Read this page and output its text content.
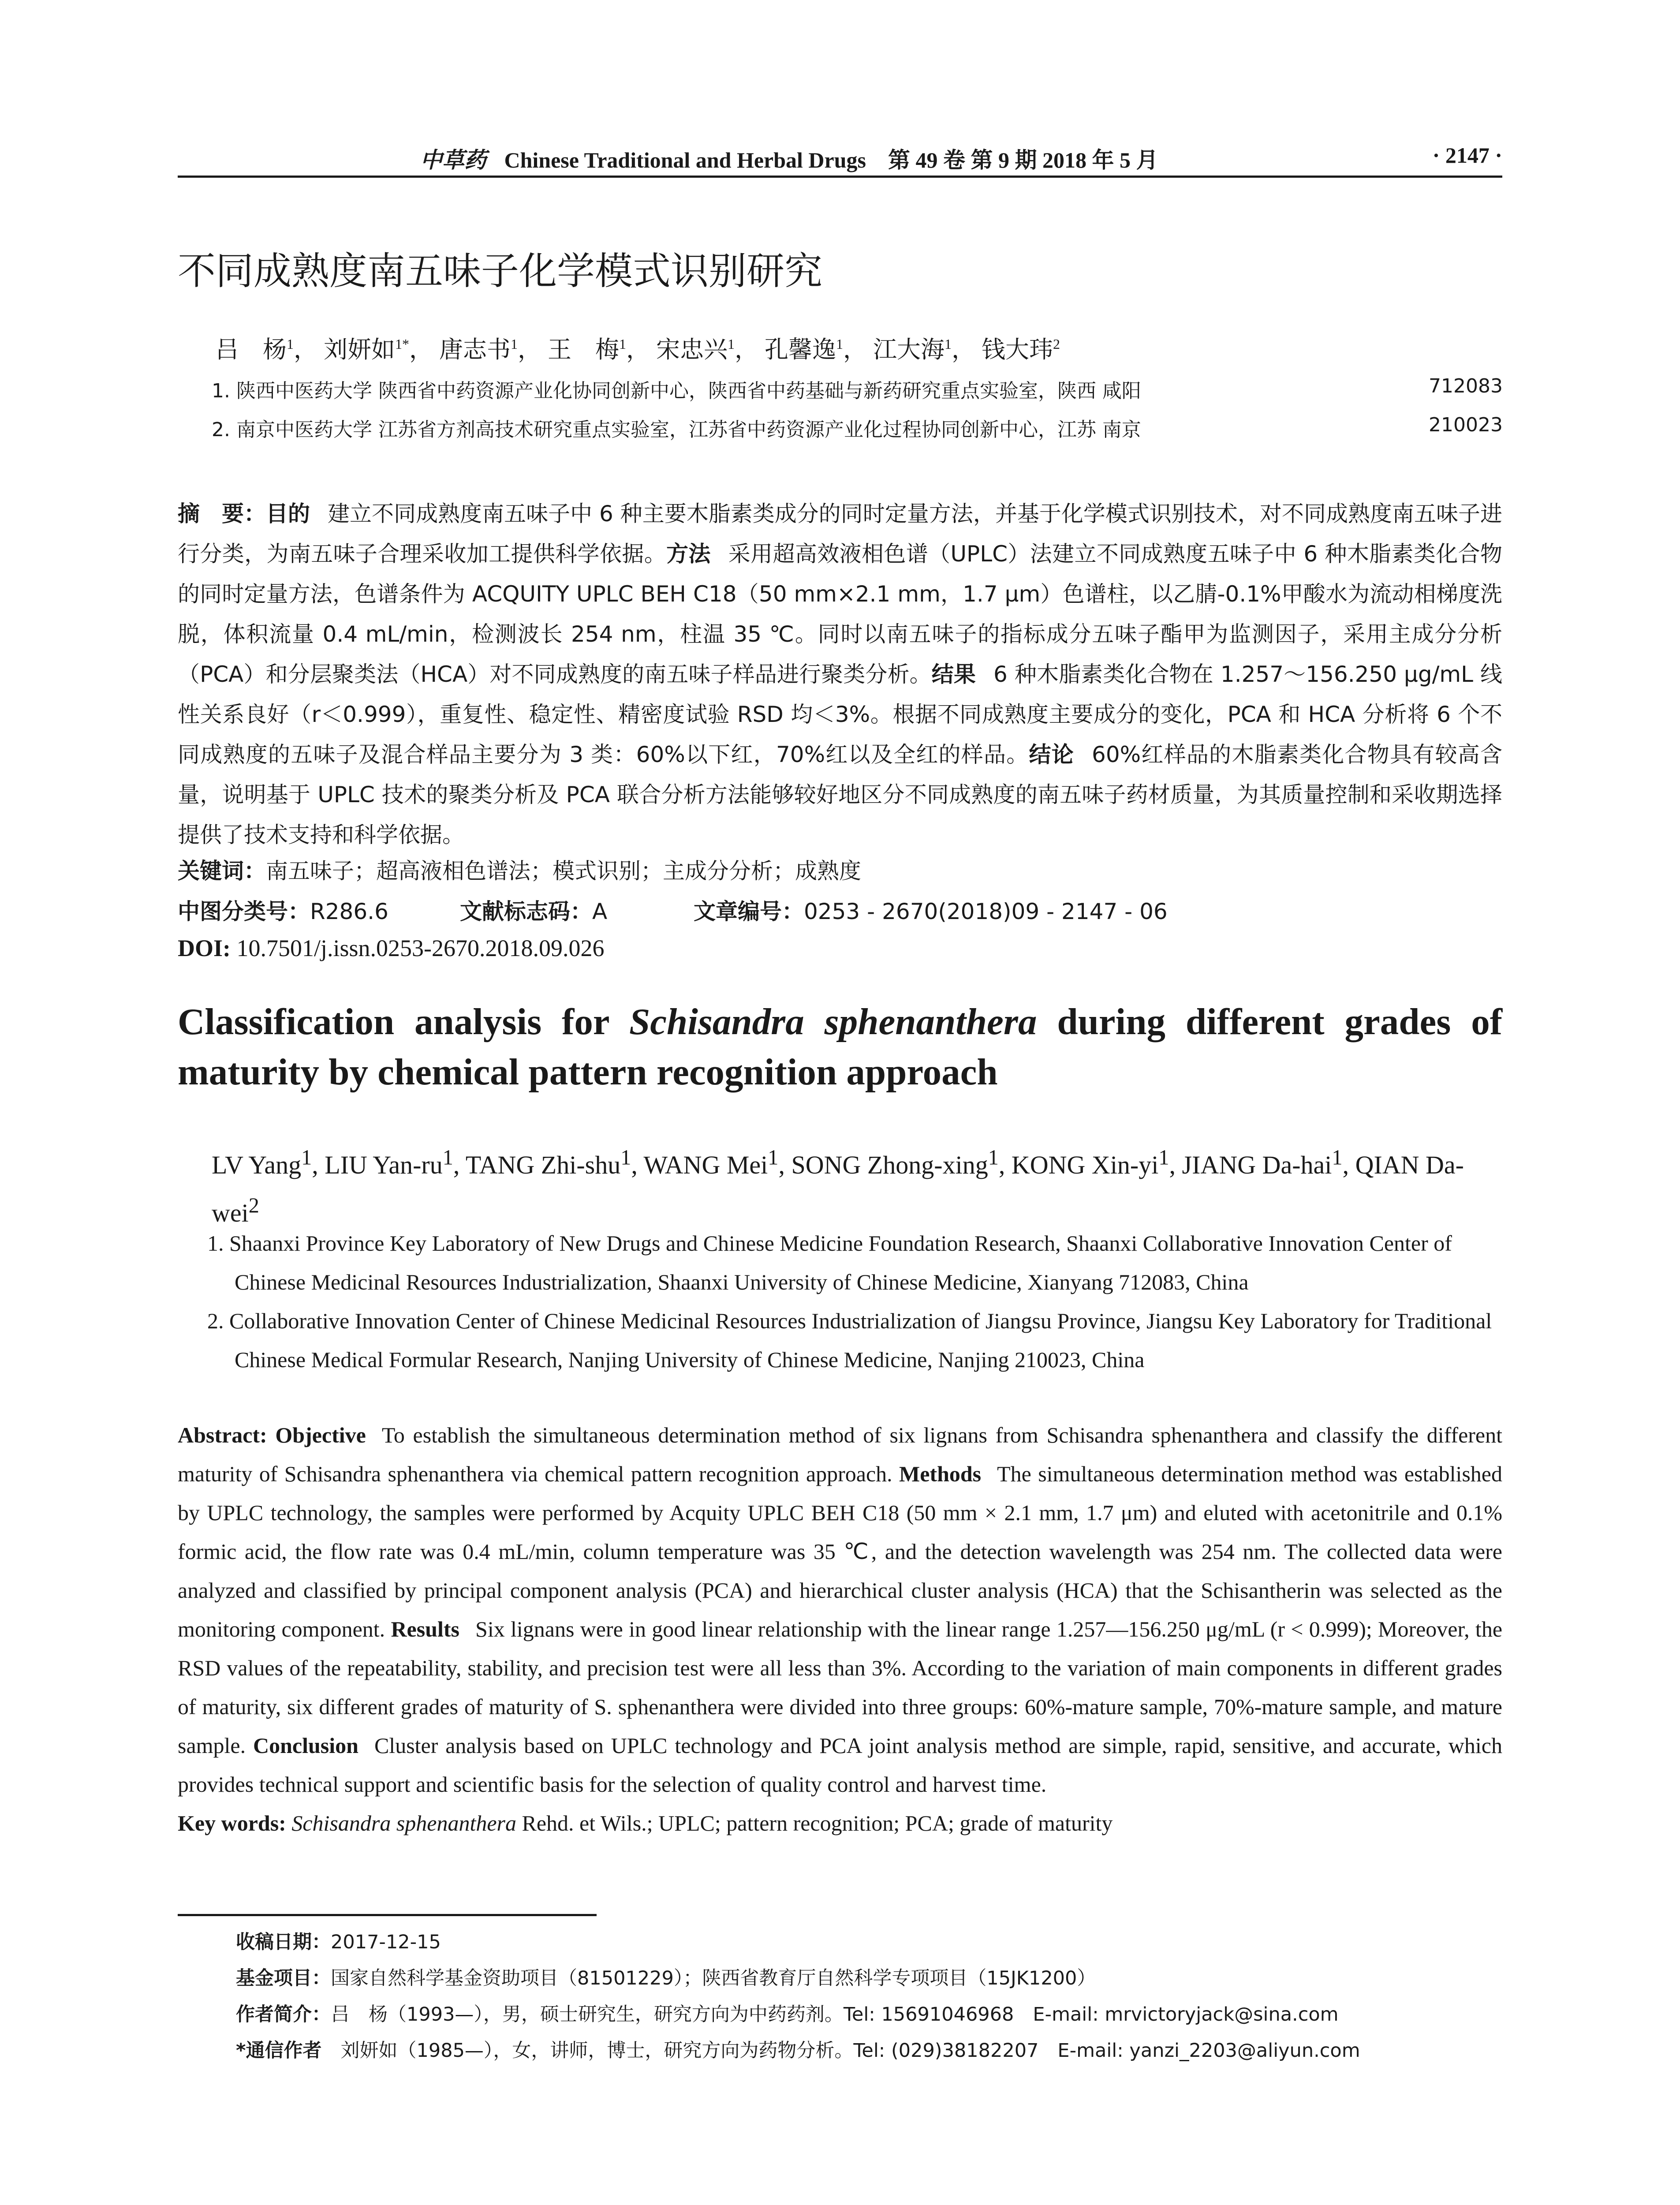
中草药 Chinese Traditional and Herbal Drugs　第 49 卷 第 9 期 2018 年 5 月	· 2147 ·
不同成熟度南五味子化学模式识别研究
吕　杨$^1$， 刘妍如$^{1*}$， 唐志书$^1$， 王　梅$^1$， 宋忠兴$^1$， 孔馨逸$^1$， 江大海$^1$， 钱大玮$^2$
1. 陕西中医药大学 陕西省中药资源产业化协同创新中心，陕西省中药基础与新药研究重点实验室，陕西 咸阳	712083
2. 南京中医药大学 江苏省方剂高技术研究重点实验室，江苏省中药资源产业化过程协同创新中心，江苏 南京	210023

摘　要：目的 建立不同成熟度南五味子中 6 种主要木脂素类成分的同时定量方法，并基于化学模式识别技术，对不同成熟度南五味子进行分类，为南五味子合理采收加工提供科学依据。方法 采用超高效液相色谱（UPLC）法建立不同成熟度五味子中 6 种木脂素类化合物的同时定量方法，色谱条件为 ACQUITY UPLC BEH C18（50 mm×2.1 mm，1.7 μm）色谱柱，以乙腈-0.1%甲酸水为流动相梯度洗脱，体积流量 0.4 mL/min，检测波长 254 nm，柱温 35 ℃。同时以南五味子的指标成分五味子酯甲为监测因子，采用主成分分析（PCA）和分层聚类法（HCA）对不同成熟度的南五味子样品进行聚类分析。结果 6 种木脂素类化合物在 1.257～156.250 μg/mL 线性关系良好（r＜0.999），重复性、稳定性、精密度试验 RSD 均＜3%。根据不同成熟度主要成分的变化，PCA 和 HCA 分析将 6 个不同成熟度的五味子及混合样品主要分为 3 类：60%以下红，70%红以及全红的样品。结论 60%红样品的木脂素类化合物具有较高含量，说明基于 UPLC 技术的聚类分析及 PCA 联合分析方法能够较好地区分不同成熟度的南五味子药材质量，为其质量控制和采收期选择提供了技术支持和科学依据。

关键词：南五味子；超高液相色谱法；模式识别；主成分分析；成熟度
中图分类号：R286.6	文献标志码：A	文章编号：0253 - 2670(2018)09 - 2147 - 06
DOI: 10.7501/j.issn.0253-2670.2018.09.026
Classification analysis for Schisandra sphenanthera during different grades of maturity by chemical pattern recognition approach
LV Yang$^1$, LIU Yan-$ru^1$, TANG Zhi-shu$^1$, WANG Mei$^1$, SONG Zhong-xing$^1$, KONG Xin-$yi^1$, JIANG Da-hai$^1$, QIAN Da-wei$^2$
1. Shaanxi Province Key Laboratory of New Drugs and Chinese Medicine Foundation Research, Shaanxi Collaborative Innovation Center of Chinese Medicinal Resources Industrialization, Shaanxi University of Chinese Medicine, Xianyang 712083, China
2. Collaborative Innovation Center of Chinese Medicinal Resources Industrialization of Jiangsu Province, Jiangsu Key Laboratory for Traditional Chinese Medical Formular Research, Nanjing University of Chinese Medicine, Nanjing 210023, China

Abstract: Objective To establish the simultaneous determination method of six lignans from Schisandra sphenanthera and classify the different maturity of Schisandra sphenanthera via chemical pattern recognition approach. Methods The simultaneous determination method was established by UPLC technology, the samples were performed by Acquity UPLC BEH C18 (50 mm × 2.1 mm, 1.7 μm) and eluted with acetonitrile and 0.1% formic acid, the flow rate was 0.4 mL/min, column temperature was 35 ℃, and the detection wavelength was 254 nm. The collected data were analyzed and classified by principal component analysis (PCA) and hierarchical cluster analysis (HCA) that the Schisantherin was selected as the monitoring component. Results Six lignans were in good linear relationship with the linear range 1.257—156.250 μg/mL (r < 0.999); Moreover, the RSD values of the repeatability, stability, and precision test were all less than 3%. According to the variation of main components in different grades of maturity, six different grades of maturity of S. sphenanthera were divided into three groups: 60%-mature sample, 70%-mature sample, and mature sample. Conclusion Cluster analysis based on UPLC technology and PCA joint analysis method are simple, rapid, sensitive, and accurate, which provides technical support and scientific basis for the selection of quality control and harvest time.

Key words: Schisandra sphenanthera Rehd. et Wils.; UPLC; pattern recognition; PCA; grade of maturity

收稿日期：2017-12-15
基金项目：国家自然科学基金资助项目（81501229）；陕西省教育厅自然科学专项项目（15JK1200）
作者简介：吕　杨（1993—），男，硕士研究生，研究方向为中药药剂。Tel: 15691046968　E-mail: mrvictoryjack@sina.com
*通信作者　刘妍如（1985—），女，讲师，博士，研究方向为药物分析。Tel: (029)38182207　E-mail: yanzi_2203@aliyun.com
